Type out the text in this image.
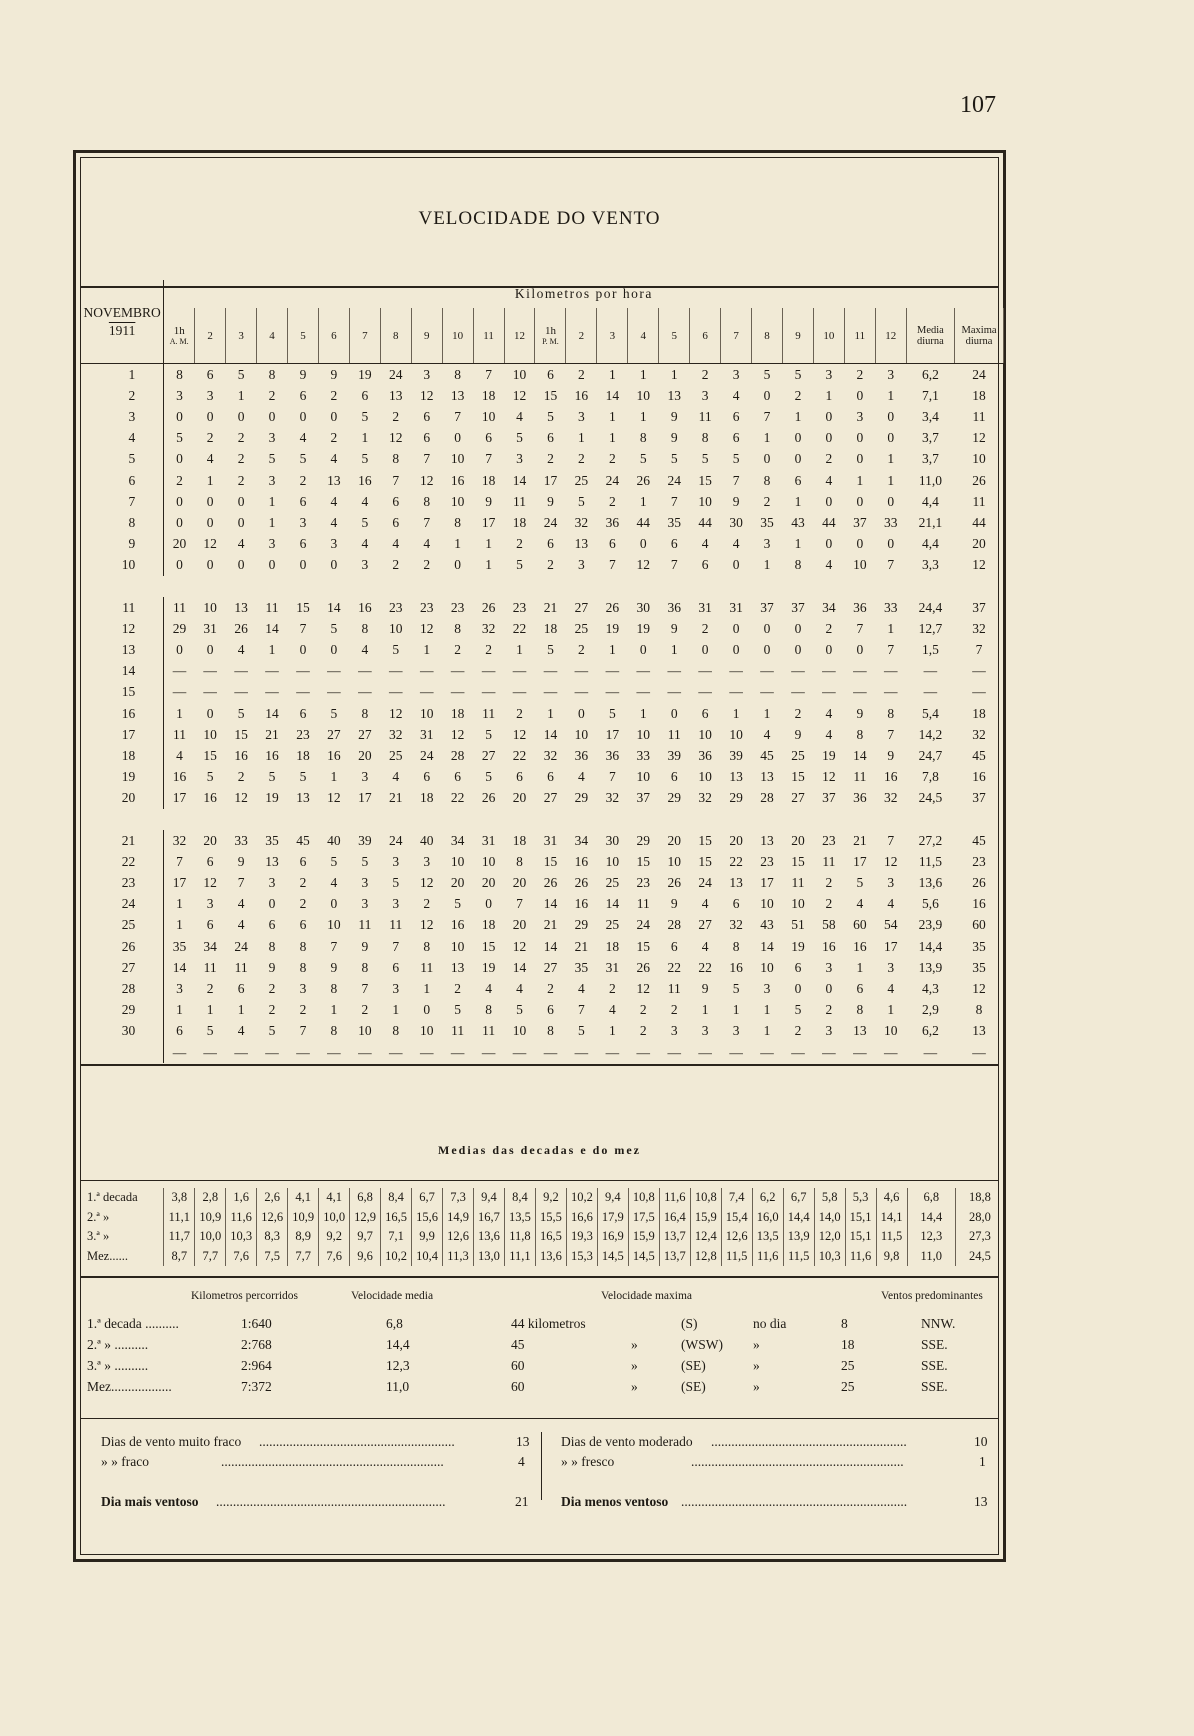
107
VELOCIDADE DO VENTO
NOVEMBRO
1911	Kilometros por hora																									
	1h
A. M.	2	3	4	5	6	7	8	9	10	11	12	1h
P. M.	2	3	4	5	6	7	8	9	10	11	12	Media diurna	Maxima diurna
1	8	6	5	8	9	9	19	24	3	8	7	10	6	2	1	1	1	2	3	5	5	3	2	3	6,2	24
2	3	3	1	2	6	2	6	13	12	13	18	12	15	16	14	10	13	3	4	0	2	1	0	1	7,1	18
3	0	0	0	0	0	0	5	2	6	7	10	4	5	3	1	1	9	11	6	7	1	0	3	0	3,4	11
4	5	2	2	3	4	2	1	12	6	0	6	5	6	1	1	8	9	8	6	1	0	0	0	0	3,7	12
5	0	4	2	5	5	4	5	8	7	10	7	3	2	2	2	5	5	5	5	0	0	2	0	1	3,7	10
6	2	1	2	3	2	13	16	7	12	16	18	14	17	25	24	26	24	15	7	8	6	4	1	1	11,0	26
7	0	0	0	1	6	4	4	6	8	10	9	11	9	5	2	1	7	10	9	2	1	0	0	0	4,4	11
8	0	0	0	1	3	4	5	6	7	8	17	18	24	32	36	44	35	44	30	35	43	44	37	33	21,1	44
9	20	12	4	3	6	3	4	4	4	1	1	2	6	13	6	0	6	4	4	3	1	0	0	0	4,4	20
10	0	0	0	0	0	0	3	2	2	0	1	5	2	3	7	12	7	6	0	1	8	4	10	7	3,3	12

11	11	10	13	11	15	14	16	23	23	23	26	23	21	27	26	30	36	31	31	37	37	34	36	33	24,4	37
12	29	31	26	14	7	5	8	10	12	8	32	22	18	25	19	19	9	2	0	0	0	2	7	1	12,7	32
13	0	0	4	1	0	0	4	5	1	2	2	1	5	2	1	0	1	0	0	0	0	0	0	7	1,5	7
14	—	—	—	—	—	—	—	—	—	—	—	—	—	—	—	—	—	—	—	—	—	—	—	—	—	—
15	—	—	—	—	—	—	—	—	—	—	—	—	—	—	—	—	—	—	—	—	—	—	—	—	—	—
16	1	0	5	14	6	5	8	12	10	18	11	2	1	0	5	1	0	6	1	1	2	4	9	8	5,4	18
17	11	10	15	21	23	27	27	32	31	12	5	12	14	10	17	10	11	10	10	4	9	4	8	7	14,2	32
18	4	15	16	16	18	16	20	25	24	28	27	22	32	36	36	33	39	36	39	45	25	19	14	9	24,7	45
19	16	5	2	5	5	1	3	4	6	6	5	6	6	4	7	10	6	10	13	13	15	12	11	16	7,8	16
20	17	16	12	19	13	12	17	21	18	22	26	20	27	29	32	37	29	32	29	28	27	37	36	32	24,5	37

21	32	20	33	35	45	40	39	24	40	34	31	18	31	34	30	29	20	15	20	13	20	23	21	7	27,2	45
22	7	6	9	13	6	5	5	3	3	10	10	8	15	16	10	15	10	15	22	23	15	11	17	12	11,5	23
23	17	12	7	3	2	4	3	5	12	20	20	20	26	26	25	23	26	24	13	17	11	2	5	3	13,6	26
24	1	3	4	0	2	0	3	3	2	5	0	7	14	16	14	11	9	4	6	10	10	2	4	4	5,6	16
25	1	6	4	6	6	10	11	11	12	16	18	20	21	29	25	24	28	27	32	43	51	58	60	54	23,9	60
26	35	34	24	8	8	7	9	7	8	10	15	12	14	21	18	15	6	4	8	14	19	16	16	17	14,4	35
27	14	11	11	9	8	9	8	6	11	13	19	14	27	35	31	26	22	22	16	10	6	3	1	3	13,9	35
28	3	2	6	2	3	8	7	3	1	2	4	4	2	4	2	12	11	9	5	3	0	0	6	4	4,3	12
29	1	1	1	2	2	1	2	1	0	5	8	5	6	7	4	2	2	1	1	1	5	2	8	1	2,9	8
30	6	5	4	5	7	8	10	8	10	11	11	10	8	5	1	2	3	3	3	1	2	3	13	10	6,2	13
	—	—	—	—	—	—	—	—	—	—	—	—	—	—	—	—	—	—	—	—	—	—	—	—	—	—
Medias das decadas e do mez
1.ª decada	3,8	2,8	1,6	2,6	4,1	4,1	6,8	8,4	6,7	7,3	9,4	8,4	9,2	10,2	9,4	10,8	11,6	10,8	7,4	6,2	6,7	5,8	5,3	4,6	6,8	18,8
2.ª »	11,1	10,9	11,6	12,6	10,9	10,0	12,9	16,5	15,6	14,9	16,7	13,5	15,5	16,6	17,9	17,5	16,4	15,9	15,4	16,0	14,4	14,0	15,1	14,1	14,4	28,0
3.ª »	11,7	10,0	10,3	8,3	8,9	9,2	9,7	7,1	9,9	12,6	13,6	11,8	16,5	19,3	16,9	15,9	13,7	12,4	12,6	13,5	13,9	12,0	15,1	11,5	12,3	27,3
Mez......	8,7	7,7	7,6	7,5	7,7	7,6	9,6	10,2	10,4	11,3	13,0	11,1	13,6	15,3	14,5	14,5	13,7	12,8	11,5	11,6	11,5	10,3	11,6	9,8	11,0	24,5
Kilometros percorridos	Velocidade media	Velocidade maxima	Ventos predominantes
1.ª decada ..........	1:640	6,8	44 kilometros	(S)	no dia	8	NNW.
2.ª » ..........	2:768	14,4	45	»	(WSW) »	18	SSE.
3.ª » ..........	2:964	12,3	60	»	(SE)	»	25	SSE.
Mez..................	7:372	11,0	60	»	(SE)	»	25	SSE.
Dias de vento muito fraco ..........................................................	13
» » fraco	..................................................................	4
Dias de vento moderado ..........................................................	10
» » fresco	...............................................................	1
Dia mais ventoso ....................................................................	21 Dia menos ventoso ...................................................................	13
